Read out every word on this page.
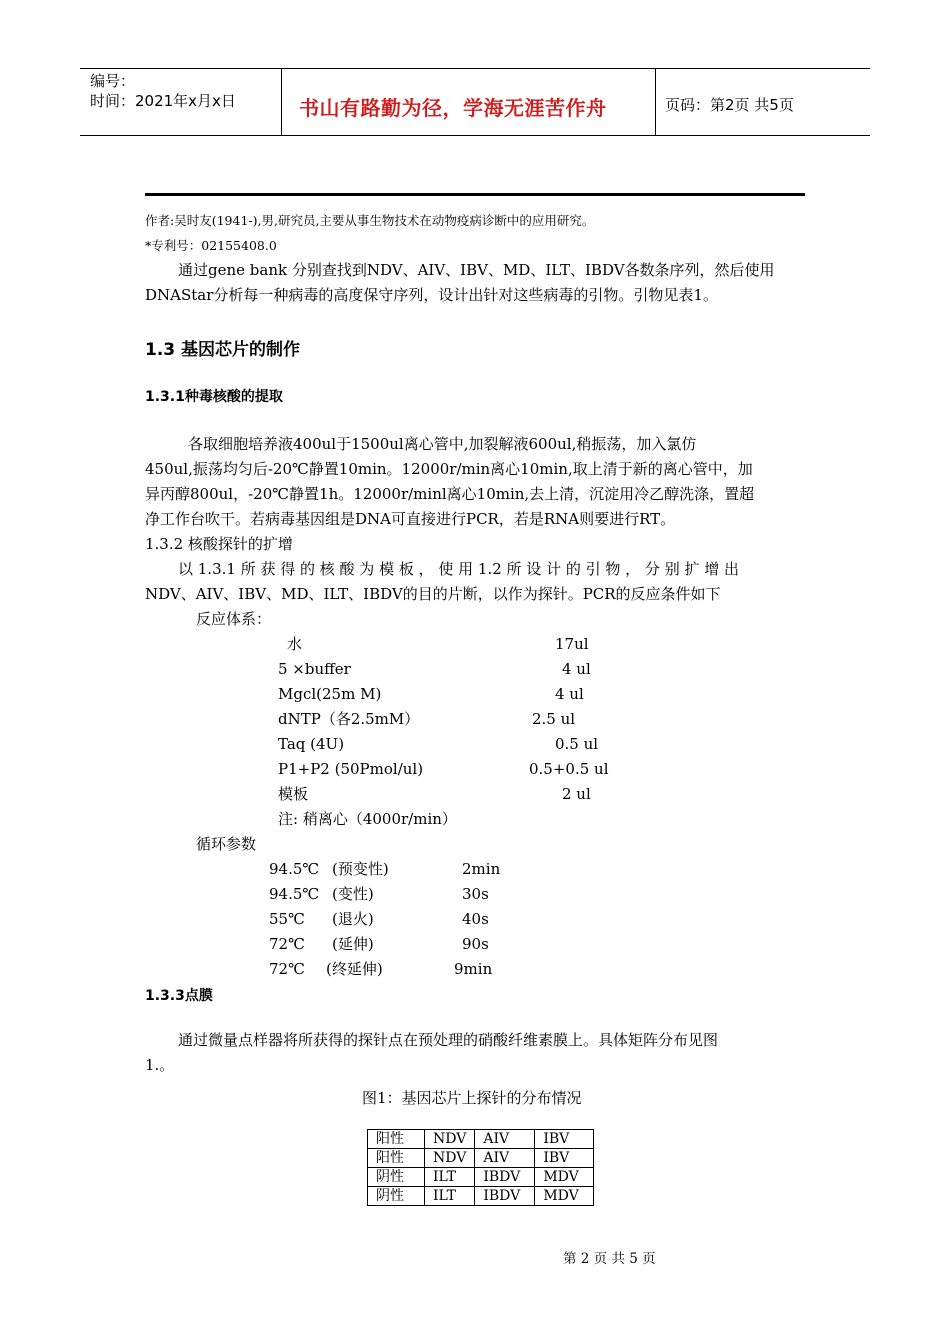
编号：
时间：2021年x月x日	书山有路勤为径，学海无涯苦作舟	页码：第2页 共5页
作者:吴时友(1941-),男,研究员,主要从事生物技术在动物疫病诊断中的应用研究。
*专利号：02155408.0
通过gene bank 分别查找到NDV、AIV、IBV、MD、ILT、IBDV各数条序列，然后使用
DNAStar分析每一种病毒的高度保守序列，设计出针对这些病毒的引物。引物见表1。
1.3 基因芯片的制作
1.3.1种毒核酸的提取
各取细胞培养液400ul于1500ul离心管中,加裂解液600ul,稍振荡，加入氯仿
450ul,振荡均匀后-20℃静置10min。12000r/min离心10min,取上清于新的离心管中，加
异丙醇800ul，-20℃静置1h。12000r/minl离心10min,去上清，沉淀用冷乙醇洗涤，置超
净工作台吹干。若病毒基因组是DNA可直接进行PCR，若是RNA则要进行RT。
1.3.2 核酸探针的扩增
以 1.3.1 所 获 得 的 核 酸 为 模 板 ， 使 用 1.2 所 设 计 的 引 物 ， 分 别 扩 增 出
NDV、AIV、IBV、MD、ILT、IBDV的目的片断，以作为探针。PCR的反应条件如下
反应体系：
水	17ul
5 ×buffer	4 ul
Mgcl(25m M)	4 ul
dNTP（各2.5mM）	2.5 ul
Taq (4U)	0.5 ul
P1+P2 (50Pmol/ul)	0.5+0.5 ul
模板	2 ul
注: 稍离心（4000r/min）
循环参数
94.5℃ (预变性)	2min
94.5℃ (变性)	30s
55℃ (退火)	40s
72℃ (延伸)	90s
72℃ (终延伸)	9min
1.3.3点膜
通过微量点样器将所获得的探针点在预处理的硝酸纤维素膜上。具体矩阵分布见图
1.。
图1：基因芯片上探针的分布情况
阳性	NDV	AIV	IBV
阳性	NDV	AIV	IBV
阴性	ILT	IBDV	MDV
阴性	ILT	IBDV	MDV
第 2 页 共 5 页
